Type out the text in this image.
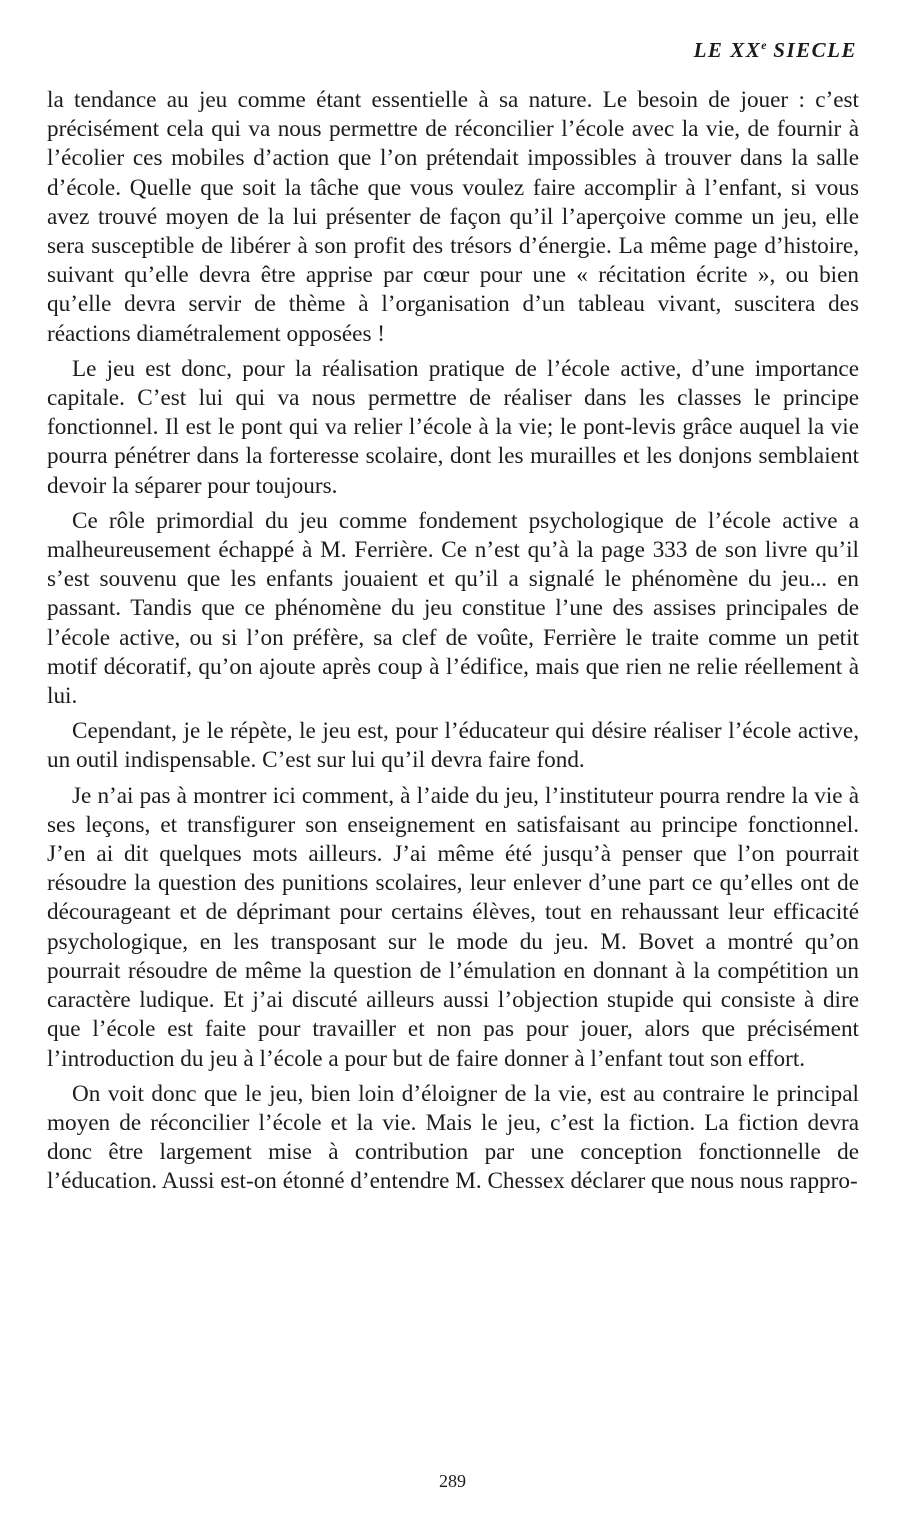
LE XXe SIECLE

la tendance au jeu comme étant essentielle à sa nature. Le besoin de jouer : c’est précisément cela qui va nous permettre de réconcilier l’école avec la vie, de fournir à l’écolier ces mobiles d’action que l’on prétendait impossibles à trouver dans la salle d’école. Quelle que soit la tâche que vous voulez faire accomplir à l’enfant, si vous avez trouvé moyen de la lui présenter de façon qu’il l’aperçoive comme un jeu, elle sera susceptible de libérer à son profit des trésors d’énergie. La même page d’histoire, suivant qu’elle devra être apprise par cœur pour une « récitation écrite », ou bien qu’elle devra servir de thème à l’organisation d’un tableau vivant, suscitera des réactions diamétralement opposées !

Le jeu est donc, pour la réalisation pratique de l’école active, d’une importance capitale. C’est lui qui va nous permettre de réaliser dans les classes le principe fonctionnel. Il est le pont qui va relier l’école à la vie; le pont-levis grâce auquel la vie pourra pénétrer dans la forteresse scolaire, dont les murailles et les donjons semblaient devoir la séparer pour toujours.

Ce rôle primordial du jeu comme fondement psychologique de l’école active a malheureusement échappé à M. Ferrière. Ce n’est qu’à la page 333 de son livre qu’il s’est souvenu que les enfants jouaient et qu’il a signalé le phénomène du jeu... en passant. Tandis que ce phénomène du jeu constitue l’une des assises principales de l’école active, ou si l’on préfère, sa clef de voûte, Ferrière le traite comme un petit motif décoratif, qu’on ajoute après coup à l’édifice, mais que rien ne relie réellement à lui.

Cependant, je le répète, le jeu est, pour l’éducateur qui désire réaliser l’école active, un outil indispensable. C’est sur lui qu’il devra faire fond.

Je n’ai pas à montrer ici comment, à l’aide du jeu, l’instituteur pourra rendre la vie à ses leçons, et transfigurer son enseignement en satisfaisant au principe fonctionnel. J’en ai dit quelques mots ailleurs. J’ai même été jusqu’à penser que l’on pourrait résoudre la question des punitions scolaires, leur enlever d’une part ce qu’elles ont de décourageant et de déprimant pour certains élèves, tout en rehaussant leur efficacité psychologique, en les transposant sur le mode du jeu. M. Bovet a montré qu’on pourrait résoudre de même la question de l’émulation en donnant à la compétition un caractère ludique. Et j’ai discuté ailleurs aussi l’objection stupide qui consiste à dire que l’école est faite pour travailler et non pas pour jouer, alors que précisément l’introduction du jeu à l’école a pour but de faire donner à l’enfant tout son effort.

On voit donc que le jeu, bien loin d’éloigner de la vie, est au contraire le principal moyen de réconcilier l’école et la vie. Mais le jeu, c’est la fiction. La fiction devra donc être largement mise à contribution par une conception fonctionnelle de l’éducation. Aussi est-on étonné d’entendre M. Chessex déclarer que nous nous rappro-

289
